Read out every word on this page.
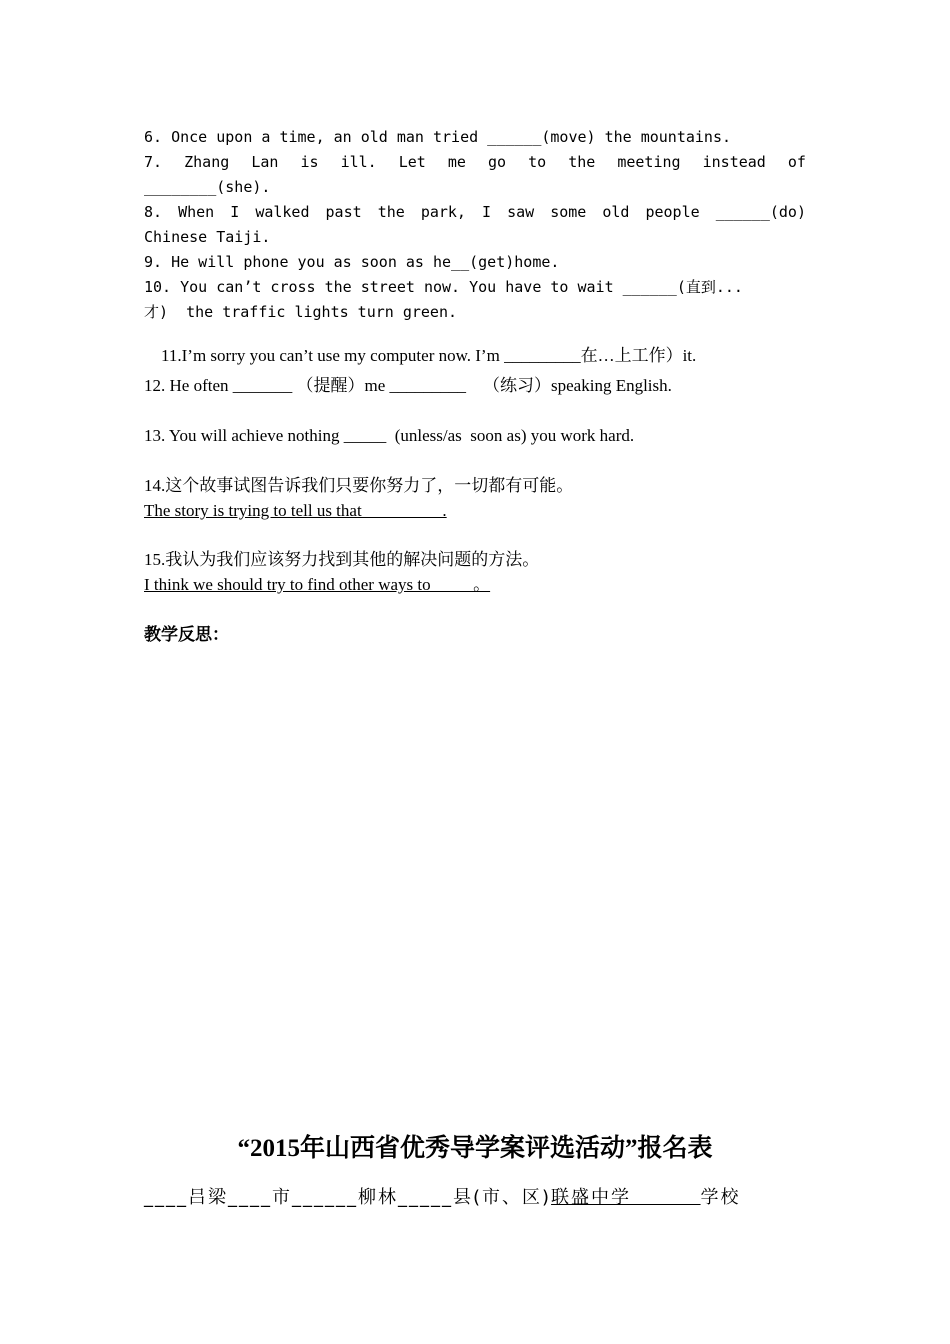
6. Once upon a time, an old man tried ______(move) the mountains.
7. Zhang Lan is ill. Let me go to the meeting instead of
________(she).
8. When I walked past the park, I saw some old people ______(do)
Chinese Taiji.
9. He will phone you as soon as he__(get)home.
10. You can’t cross the street now. You have to wait ______(直到...
才)  the traffic lights turn green.

11.I’m sorry you can’t use my computer now. I’m _________在…上工作）it.

12. He often _______ （提醒）me _________    （练习）speaking English.
13. You will achieve nothing _____  (unless/as  soon as) you work hard.
14.这个故事试图告诉我们只要你努力了，一切都有可能。
The story is trying to tell us that                   .
15.我认为我们应该努力找到其他的解决问题的方法。
I think we should try to find other ways to          。
教学反思：
“2015年山西省优秀导学案评选活动”报名表
____吕梁____市______柳林_____县(市、区)联盛中学         学校
